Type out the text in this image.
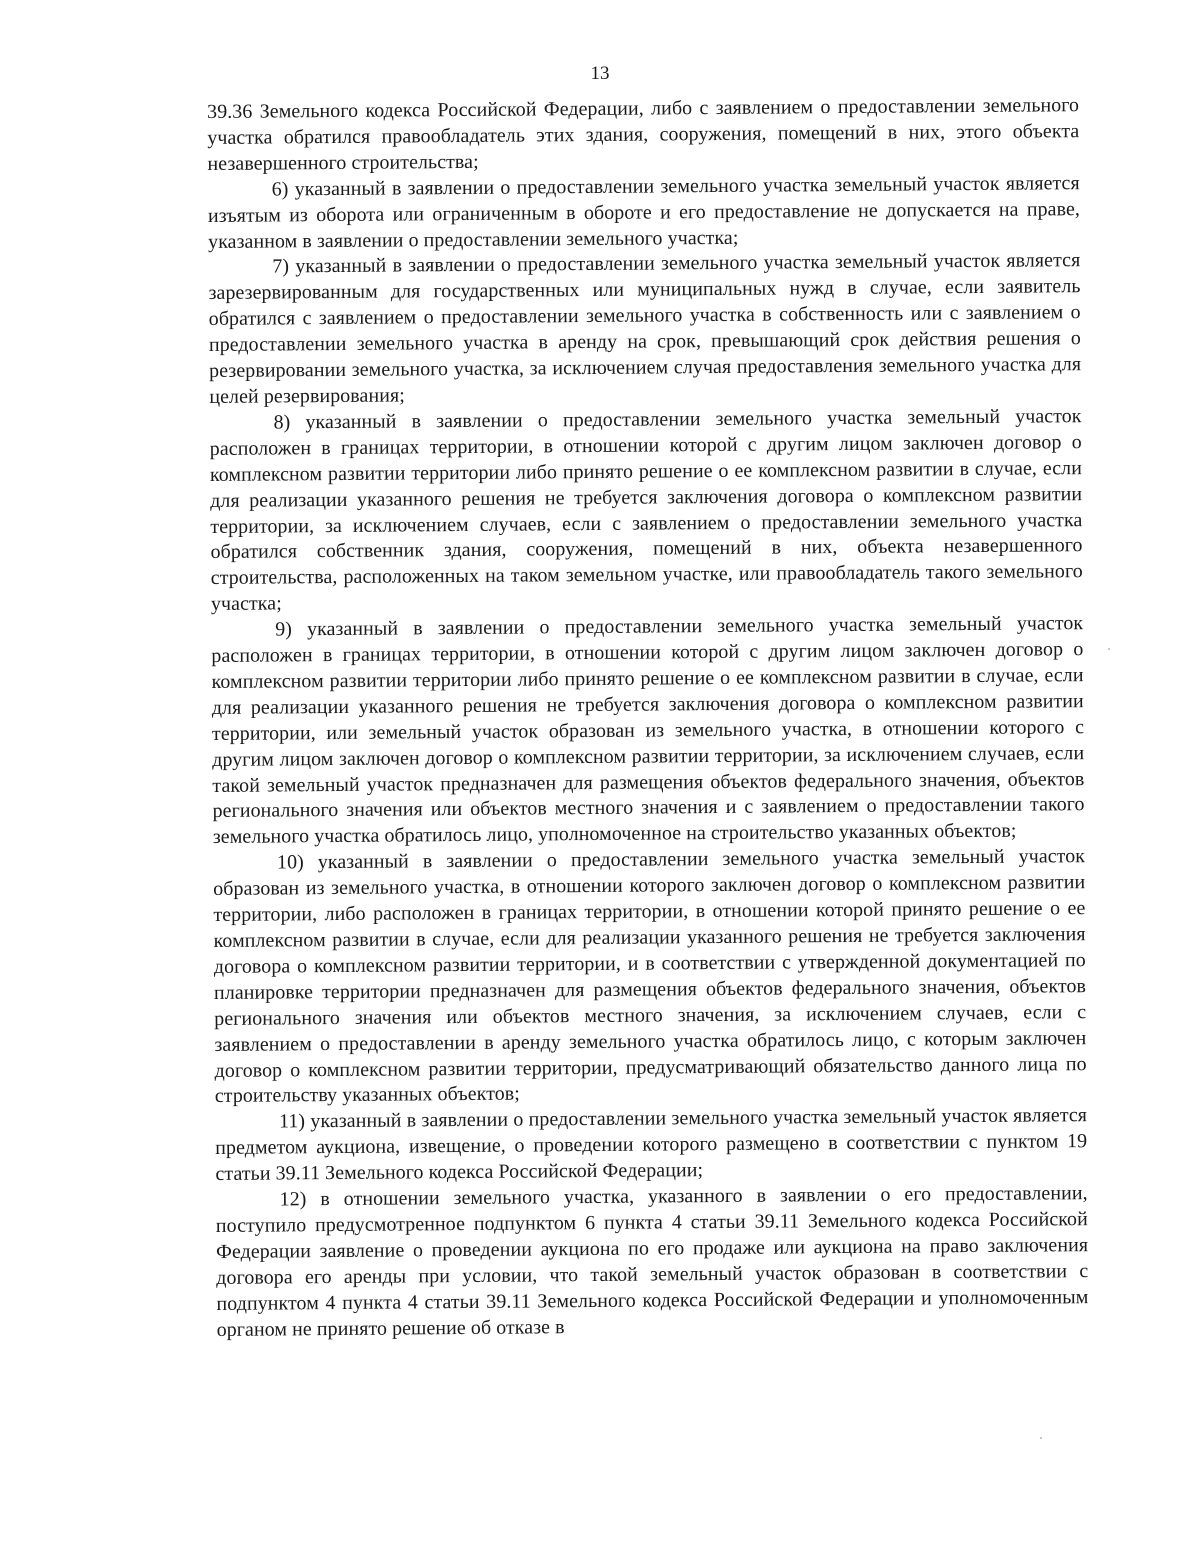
13

39.36 Земельного кодекса Российской Федерации, либо с заявлением о предоставлении земельного участка обратился правообладатель этих здания, сооружения, помещений в них, этого объекта незавершенного строительства;

6) указанный в заявлении о предоставлении земельного участка земельный участок является изъятым из оборота или ограниченным в обороте и его предоставление не допускается на праве, указанном в заявлении о предоставлении земельного участка;

7) указанный в заявлении о предоставлении земельного участка земельный участок является зарезервированным для государственных или муниципальных нужд в случае, если заявитель обратился с заявлением о предоставлении земельного участка в собственность или с заявлением о предоставлении земельного участка в аренду на срок, превышающий срок действия решения о резервировании земельного участка, за исключением случая предоставления земельного участка для целей резервирования;

8) указанный в заявлении о предоставлении земельного участка земельный участок расположен в границах территории, в отношении которой с другим лицом заключен договор о комплексном развитии территории либо принято решение о ее комплексном развитии в случае, если для реализации указанного решения не требуется заключения договора о комплексном развитии территории, за исключением случаев, если с заявлением о предоставлении земельного участка обратился собственник здания, сооружения, помещений в них, объекта незавершенного строительства, расположенных на таком земельном участке, или правообладатель такого земельного участка;

9) указанный в заявлении о предоставлении земельного участка земельный участок расположен в границах территории, в отношении которой с другим лицом заключен договор о комплексном развитии территории либо принято решение о ее комплексном развитии в случае, если для реализации указанного решения не требуется заключения договора о комплексном развитии территории, или земельный участок образован из земельного участка, в отношении которого с другим лицом заключен договор о комплексном развитии территории, за исключением случаев, если такой земельный участок предназначен для размещения объектов федерального значения, объектов регионального значения или объектов местного значения и с заявлением о предоставлении такого земельного участка обратилось лицо, уполномоченное на строительство указанных объектов;

10) указанный в заявлении о предоставлении земельного участка земельный участок образован из земельного участка, в отношении которого заключен договор о комплексном развитии территории, либо расположен в границах территории, в отношении которой принято решение о ее комплексном развитии в случае, если для реализации указанного решения не требуется заключения договора о комплексном развитии территории, и в соответствии с утвержденной документацией по планировке территории предназначен для размещения объектов федерального значения, объектов регионального значения или объектов местного значения, за исключением случаев, если с заявлением о предоставлении в аренду земельного участка обратилось лицо, с которым заключен договор о комплексном развитии территории, предусматривающий обязательство данного лица по строительству указанных объектов;

11) указанный в заявлении о предоставлении земельного участка земельный участок является предметом аукциона, извещение, о проведении которого размещено в соответствии с пунктом 19 статьи 39.11 Земельного кодекса Российской Федерации;

12) в отношении земельного участка, указанного в заявлении о его предоставлении, поступило предусмотренное подпунктом 6 пункта 4 статьи 39.11 Земельного кодекса Российской Федерации заявление о проведении аукциона по его продаже или аукциона на право заключения договора его аренды при условии, что такой земельный участок образован в соответствии с подпунктом 4 пункта 4 статьи 39.11 Земельного кодекса Российской Федерации и уполномоченным органом не принято решение об отказе в
